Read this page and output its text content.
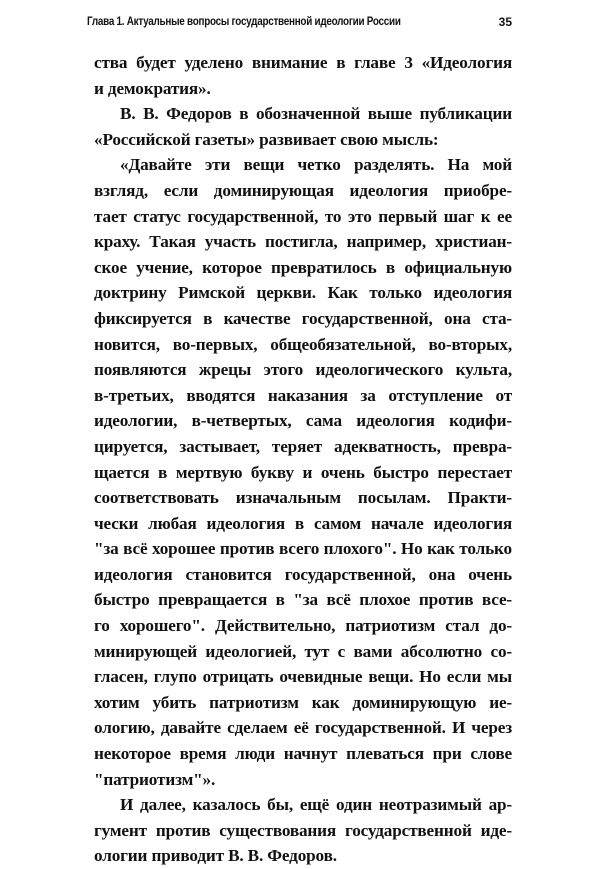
Глава 1. Актуальные вопросы государственной идеологии России	35
ства будет уделено внимание в главе 3 «Идеология
и демократия».
В. В. Федоров в обозначенной выше публикации
«Российской газеты» развивает свою мысль:
«Давайте эти вещи четко разделять. На мой
взгляд, если доминирующая идеология приобре-
тает статус государственной, то это первый шаг к ее
краху. Такая участь постигла, например, христиан-
ское учение, которое превратилось в официальную
доктрину Римской церкви. Как только идеология
фиксируется в качестве государственной, она ста-
новится, во-первых, общеобязательной, во-вторых,
появляются жрецы этого идеологического культа,
в-третьих, вводятся наказания за отступление от
идеологии, в-четвертых, сама идеология кодифи-
цируется, застывает, теряет адекватность, превра-
щается в мертвую букву и очень быстро перестает
соответствовать изначальным посылам. Практи-
чески любая идеология в самом начале идеология
"за всё хорошее против всего плохого". Но как только
идеология становится государственной, она очень
быстро превращается в "за всё плохое против все-
го хорошего". Действительно, патриотизм стал до-
минирующей идеологией, тут с вами абсолютно со-
гласен, глупо отрицать очевидные вещи. Но если мы
хотим убить патриотизм как доминирующую ие-
ологию, давайте сделаем её государственной. И через
некоторое время люди начнут плеваться при слове
"патриотизм"».
И далее, казалось бы, ещё один неотразимый ар-
гумент против существования государственной иде-
ологии приводит В. В. Федоров.
